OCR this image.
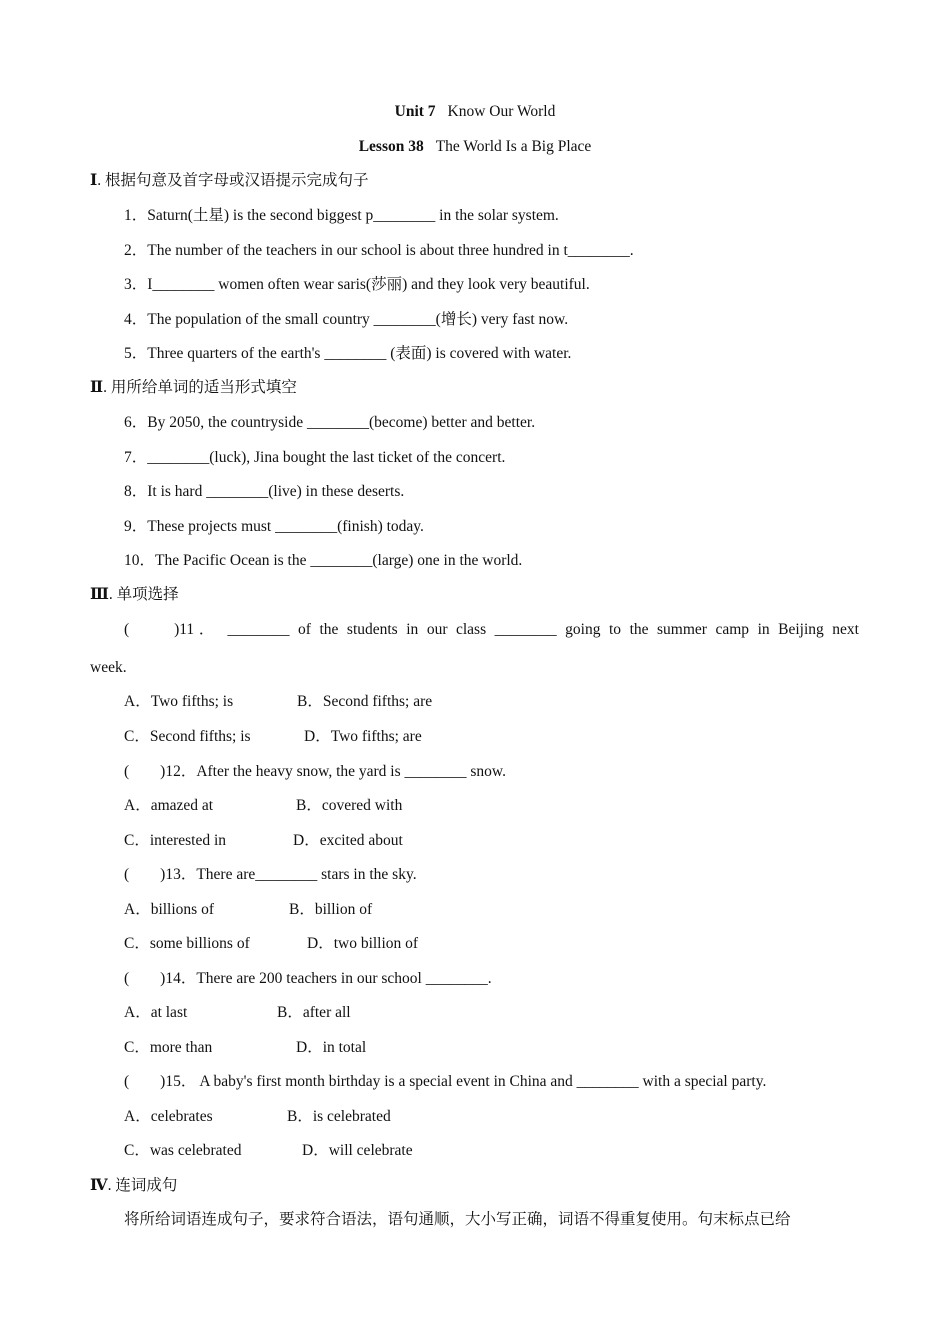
Unit 7 Know Our World
Lesson 38 The World Is a Big Place
Ⅰ. 根据句意及首字母或汉语提示完成句子
1．Saturn(土星) is the second biggest p________ in the solar system.
2．The number of the teachers in our school is about three hundred in t________.
3．I________ women often wear saris(莎丽) and they look very beautiful.
4．The population of the small country ________(增长) very fast now.
5．Three quarters of the earth's ________ (表面) is covered with water.
Ⅱ. 用所给单词的适当形式填空
6．By 2050, the countryside ________(become) better and better.
7．________(luck), Jina bought the last ticket of the concert.
8．It is hard ________(live) in these deserts.
9．These projects must ________(finish) today.
10．The Pacific Ocean is the ________(large) one in the world.
Ⅲ. 单项选择
(　　)11． ________ of the students in our class ________ going to the summer camp in Beijing next
week.
A．Two fifths; is	B．Second fifths; are
C．Second fifths; is	D．Two fifths; are
(　　)12．After the heavy snow, the yard is ________ snow.
A．amazed at	B．covered with
C．interested in	D．excited about
(　　)13．There are________ stars in the sky.
A．billions of	B．billion of
C．some billions of	D．two billion of
(　　)14．There are 200 teachers in our school ________.
A．at last	B．after all
C．more than	D．in total
(　　)15． A baby's first month birthday is a special event in China and ________ with a special party.
A．celebrates	B．is celebrated
C．was celebrated	D．will celebrate
Ⅳ. 连词成句
将所给词语连成句子，要求符合语法，语句通顺，大小写正确，词语不得重复使用。句末标点已给
